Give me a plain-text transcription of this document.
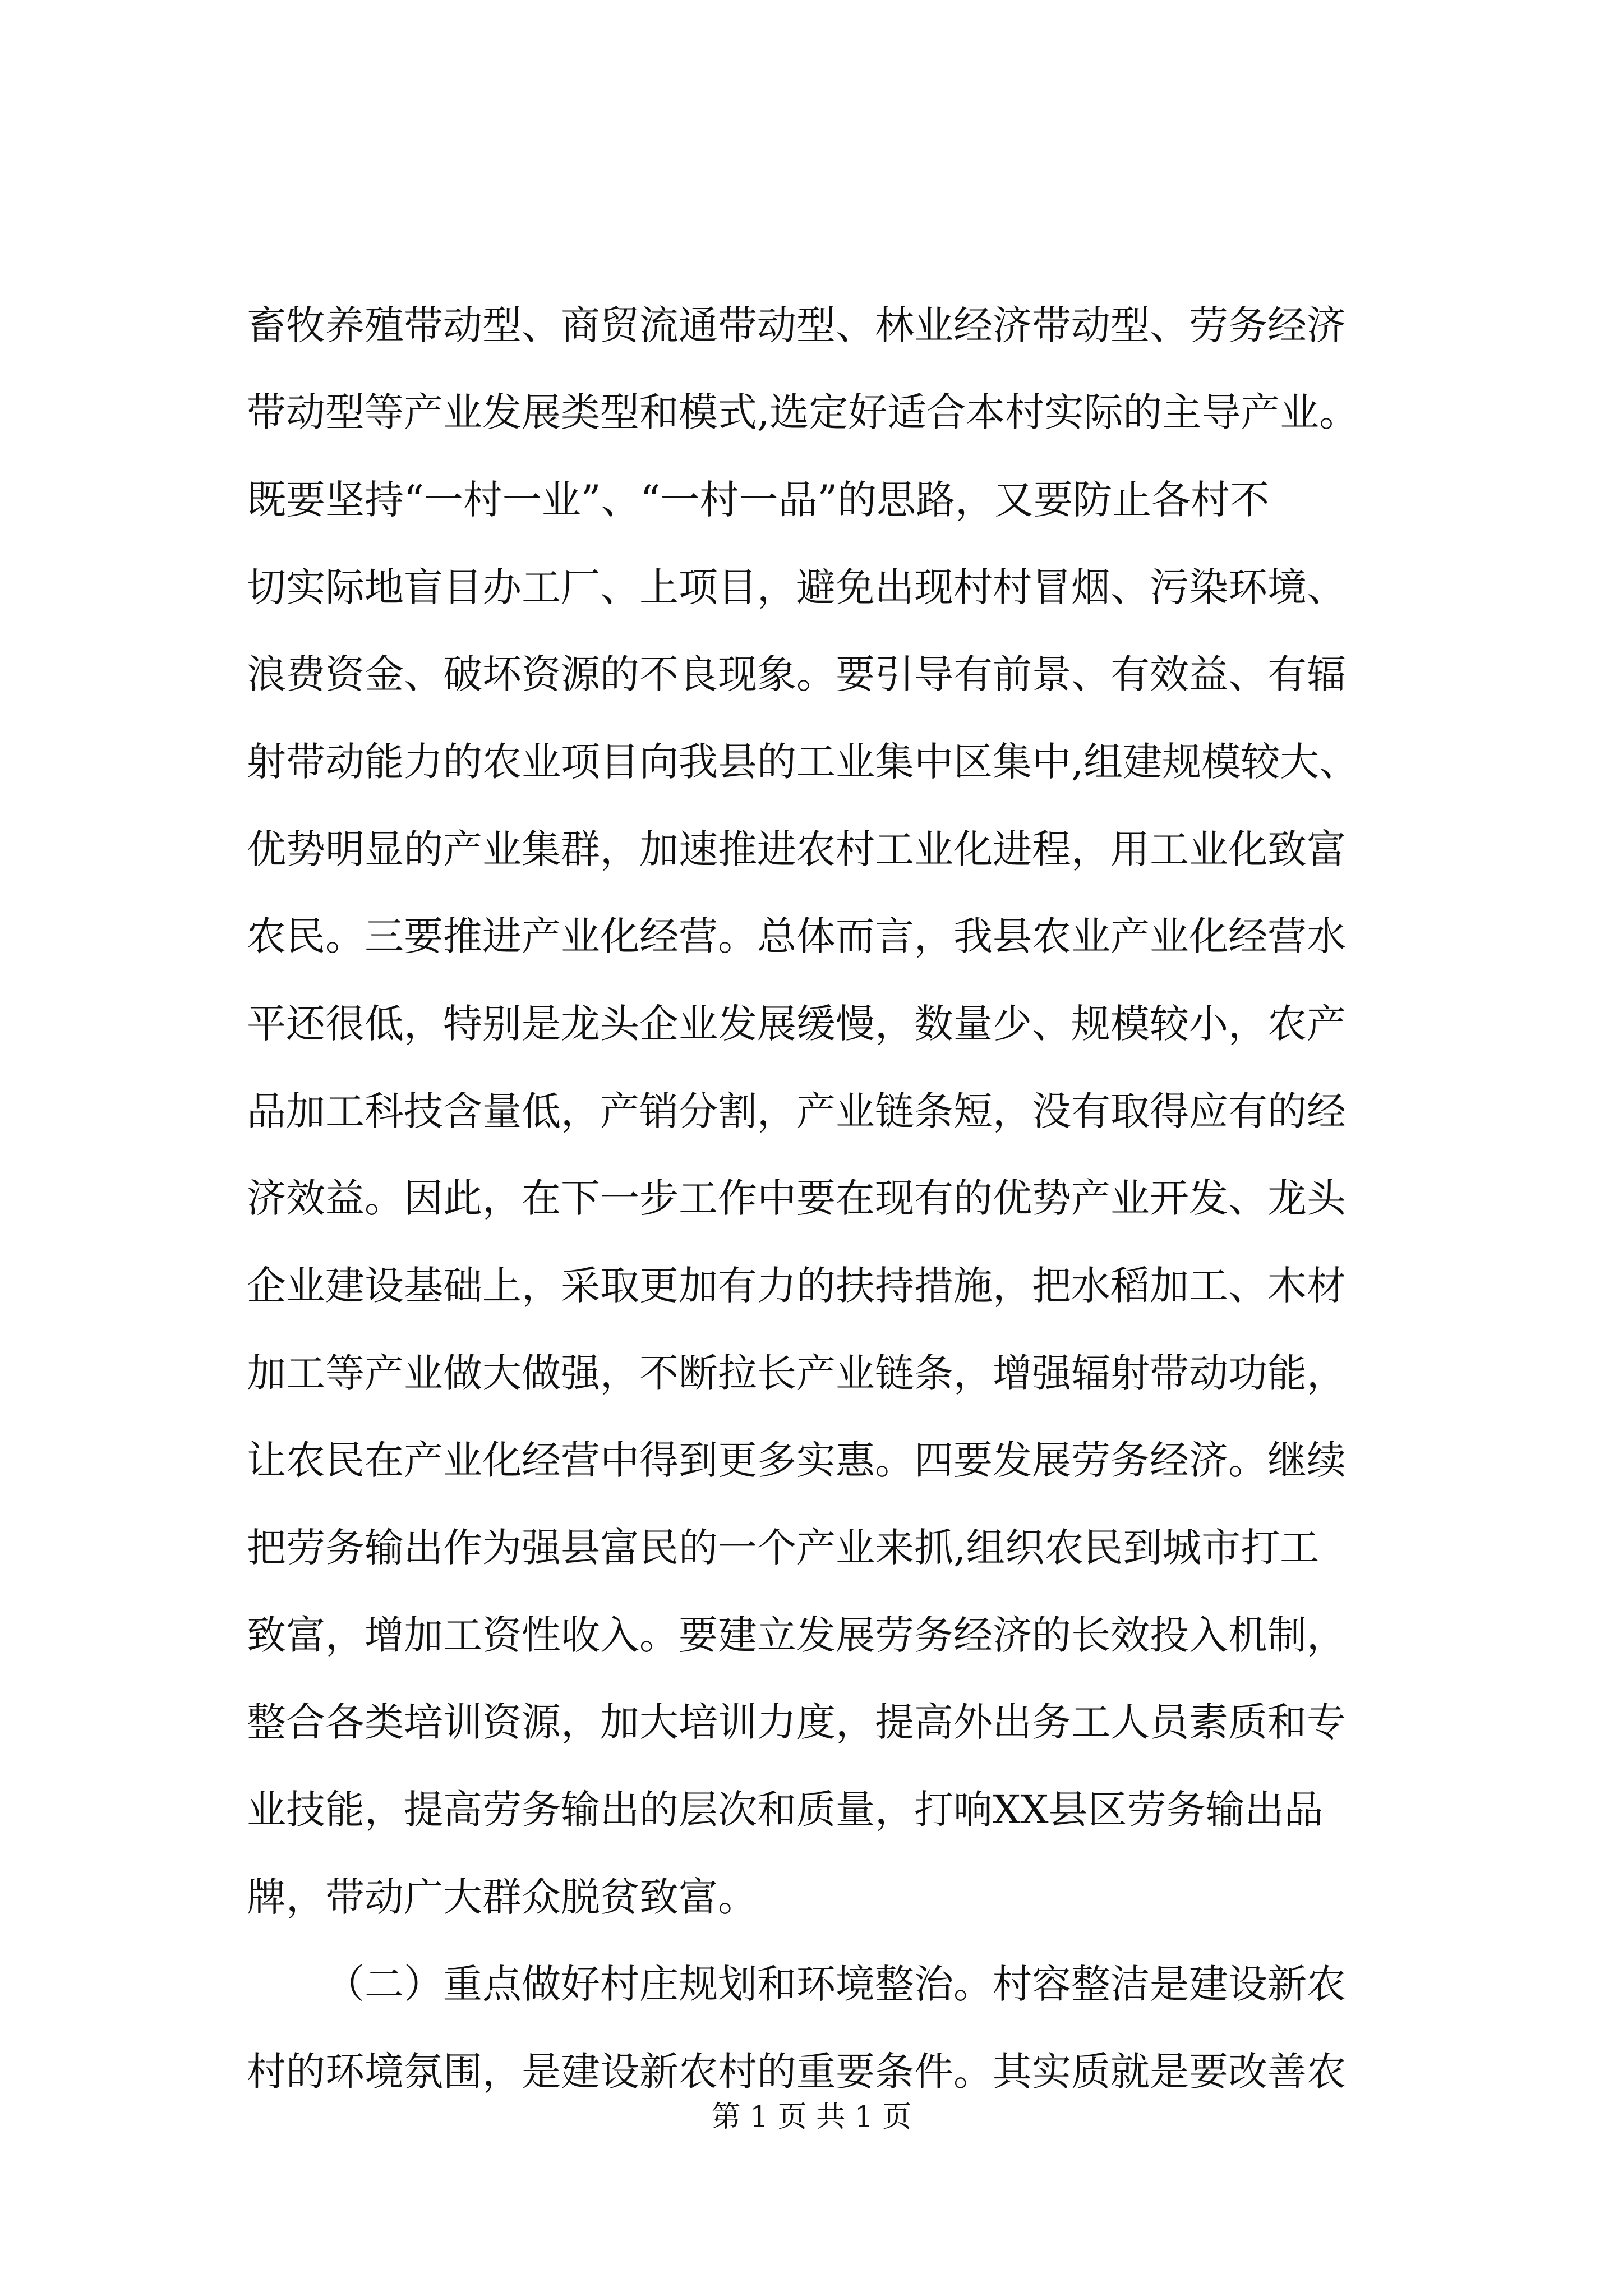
畜牧养殖带动型、商贸流通带动型、林业经济带动型、劳务经济
带动型等产业发展类型和模式,选定好适合本村实际的主导产业。
既要坚持“一村一业”、“一村一品”的思路，又要防止各村不
切实际地盲目办工厂、上项目，避免出现村村冒烟、污染环境、
浪费资金、破坏资源的不良现象。要引导有前景、有效益、有辐
射带动能力的农业项目向我县的工业集中区集中,组建规模较大、
优势明显的产业集群，加速推进农村工业化进程，用工业化致富
农民。三要推进产业化经营。总体而言，我县农业产业化经营水
平还很低，特别是龙头企业发展缓慢，数量少、规模较小，农产
品加工科技含量低，产销分割，产业链条短，没有取得应有的经
济效益。因此，在下一步工作中要在现有的优势产业开发、龙头
企业建设基础上，采取更加有力的扶持措施，把水稻加工、木材
加工等产业做大做强，不断拉长产业链条，增强辐射带动功能，
让农民在产业化经营中得到更多实惠。四要发展劳务经济。继续
把劳务输出作为强县富民的一个产业来抓,组织农民到城市打工
致富，增加工资性收入。要建立发展劳务经济的长效投入机制，
整合各类培训资源，加大培训力度，提高外出务工人员素质和专
业技能，提高劳务输出的层次和质量，打响XX县区劳务输出品
牌，带动广大群众脱贫致富。
（二）重点做好村庄规划和环境整治。村容整洁是建设新农
村的环境氛围，是建设新农村的重要条件。其实质就是要改善农
第 1 页 共 1 页
